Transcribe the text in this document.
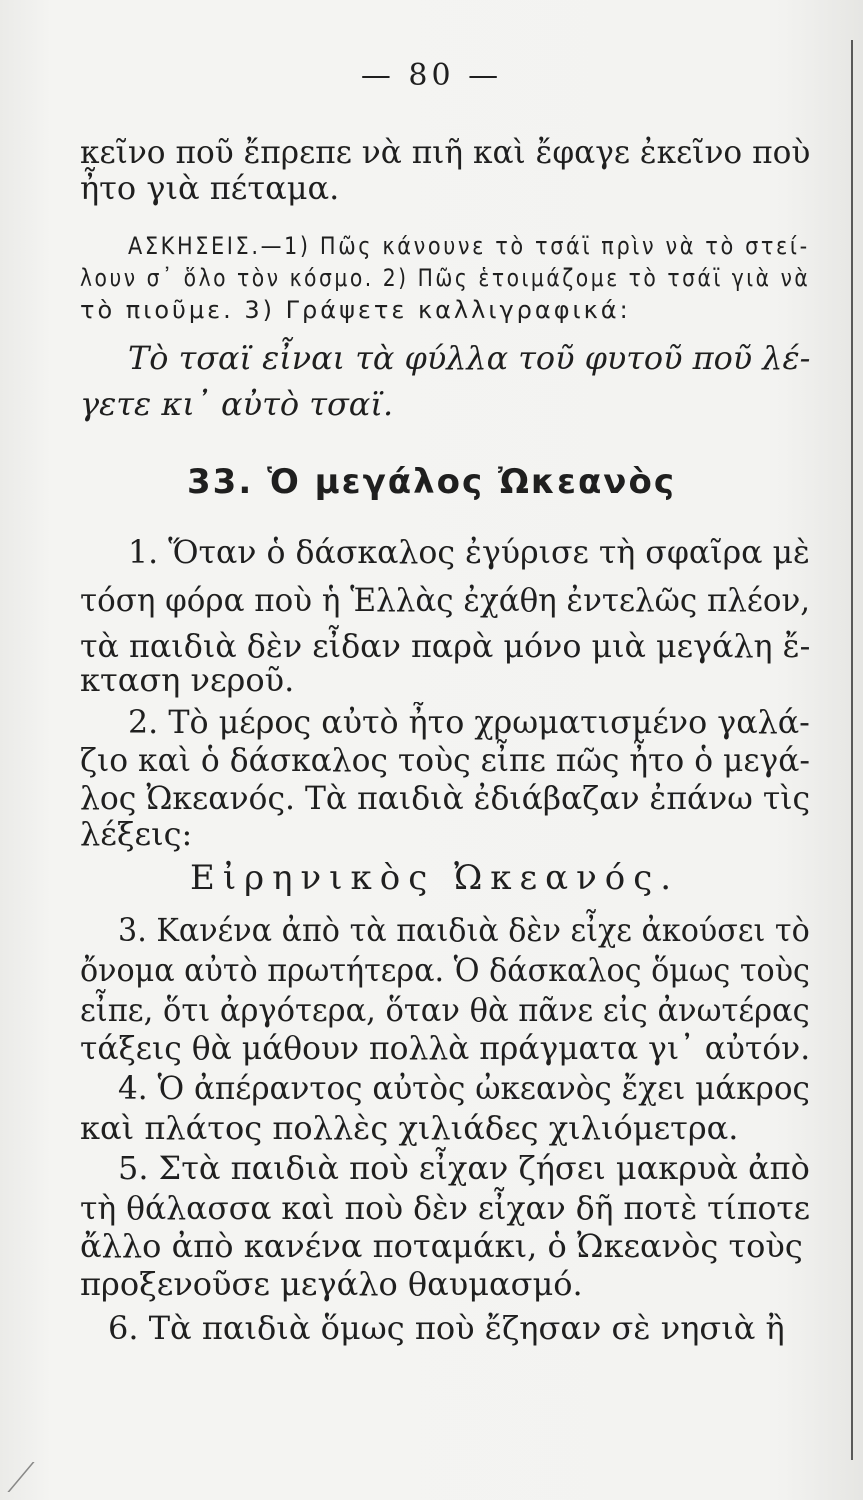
— 80 —
κεῖνο ποῦ ἔπρεπε νὰ πιῆ καὶ ἔφαγε ἐκεῖνο ποὺ
ἦτο γιὰ πέταμα.
ΑΣΚΗΣΕΙΣ.—1) Πῶς κάνουνε τὸ τσάϊ πρὶν νὰ τὸ στεί-
λουν σ᾿ ὅλο τὸν κόσμο. 2) Πῶς ἑτοιμάζομε τὸ τσάϊ γιὰ νὰ
τὸ πιοῦμε. 3) Γράψετε καλλιγραφικά:
Τὸ τσαϊ εἶναι τὰ φύλλα τοῦ φυτοῦ ποῦ λέ-
γετε κι᾿ αὐτὸ τσαϊ.
33. Ὁ μεγάλος Ὠκεανὸς
1. Ὅταν ὁ δάσκαλος ἐγύρισε τὴ σφαῖρα μὲ
τόση φόρα ποὺ ἡ Ἑλλὰς ἐχάθη ἐντελῶς πλέον,
τὰ παιδιὰ δὲν εἶδαν παρὰ μόνο μιὰ μεγάλη ἔ-
κταση νεροῦ.
2. Τὸ μέρος αὐτὸ ἦτο χρωματισμένο γαλά-
ζιο καὶ ὁ δάσκαλος τοὺς εἶπε πῶς ἦτο ὁ μεγά-
λος Ὠκεανός. Τὰ παιδιὰ ἐδιάβαζαν ἐπάνω τὶς
λέξεις:
Εἰρηνικὸς Ὠκεανός.
3. Κανένα ἀπὸ τὰ παιδιὰ δὲν εἶχε ἀκούσει τὸ
ὄνομα αὐτὸ πρωτήτερα. Ὁ δάσκαλος ὅμως τοὺς
εἶπε, ὅτι ἀργότερα, ὅταν θὰ πᾶνε εἰς ἀνωτέρας
τάξεις θὰ μάθουν πολλὰ πράγματα γι᾿ αὐτόν.
4. Ὁ ἀπέραντος αὐτὸς ὠκεανὸς ἔχει μάκρος
καὶ πλάτος πολλὲς χιλιάδες χιλιόμετρα.
5. Στὰ παιδιὰ ποὺ εἶχαν ζήσει μακρυὰ ἀπὸ
τὴ θάλασσα καὶ ποὺ δὲν εἶχαν δῆ ποτὲ τίποτε
ἄλλο ἀπὸ κανένα ποταμάκι, ὁ Ὠκεανὸς τοὺς
προξενοῦσε μεγάλο θαυμασμό.
6. Τὰ παιδιὰ ὅμως ποὺ ἔζησαν σὲ νησιὰ ἢ
